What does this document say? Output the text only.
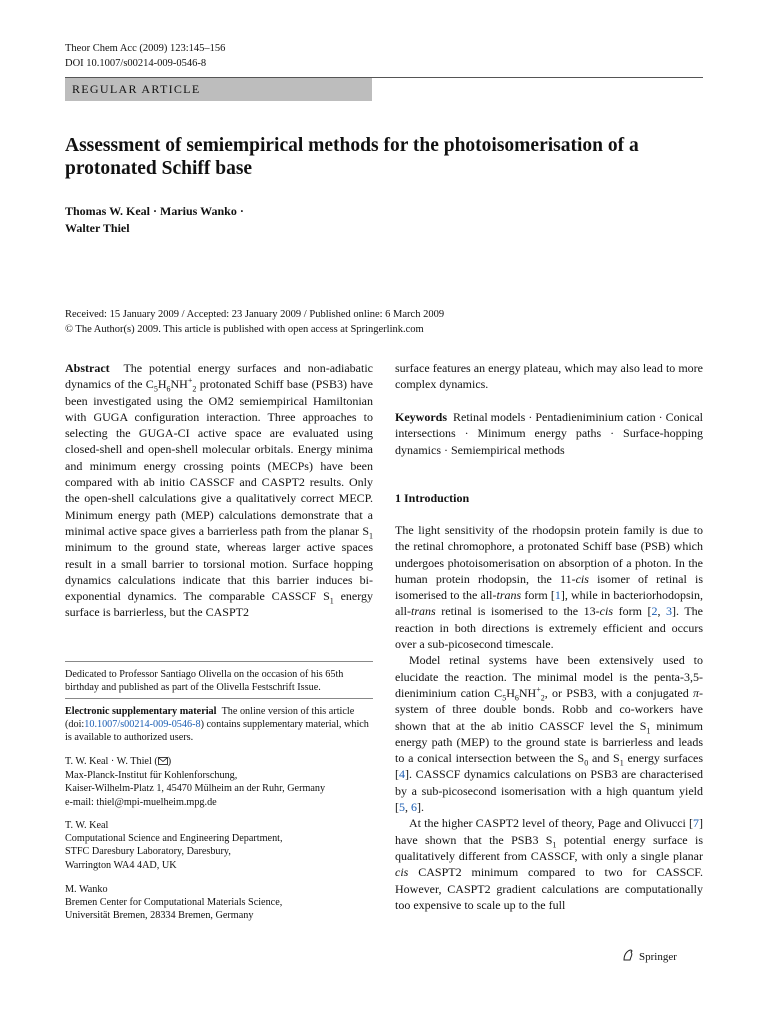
Theor Chem Acc (2009) 123:145–156
DOI 10.1007/s00214-009-0546-8
REGULAR ARTICLE
Assessment of semiempirical methods for the photoisomerisation of a protonated Schiff base
Thomas W. Keal · Marius Wanko ·
Walter Thiel
Received: 15 January 2009 / Accepted: 23 January 2009 / Published online: 6 March 2009
© The Author(s) 2009. This article is published with open access at Springerlink.com

Abstract The potential energy surfaces and non-adiabatic dynamics of the $C_5H_6NH^+_2$ protonated Schiff base (PSB3) have been investigated using the OM2 semiempirical Hamiltonian with GUGA configuration interaction. Three approaches to selecting the GUGA-CI active space are evaluated using closed-shell and open-shell molecular orbitals. Energy minima and minimum energy crossing points (MECPs) have been compared with ab initio CASSCF and CASPT2 results. Only the open-shell calculations give a qualitatively correct MECP. Minimum energy path (MEP) calculations demonstrate that a minimal active space gives a barrierless path from the planar $S_1$ minimum to the ground state, whereas larger active spaces result in a small barrier to torsional motion. Surface hopping dynamics calculations indicate that this barrier induces bi-exponential dynamics. The comparable CASSCF $S_1$ energy surface is barrierless, but the CASPT2

Dedicated to Professor Santiago Olivella on the occasion of his 65th birthday and published as part of the Olivella Festschrift Issue.
Electronic supplementary material The online version of this article (doi:10.1007/s00214-009-0546-8) contains supplementary material, which is available to authorized users.
T. W. Keal · W. Thiel ( )
Max-Planck-Institut für Kohlenforschung,
Kaiser-Wilhelm-Platz 1, 45470 Mülheim an der Ruhr, Germany
e-mail: thiel@mpi-muelheim.mpg.de
T. W. Keal
Computational Science and Engineering Department,
STFC Daresbury Laboratory, Daresbury,
Warrington WA4 4AD, UK
M. Wanko
Bremen Center for Computational Materials Science,
Universität Bremen, 28334 Bremen, Germany
surface features an energy plateau, which may also lead to more complex dynamics.
Keywords Retinal models · Pentadieniminium cation · Conical intersections · Minimum energy paths · Surface-hopping dynamics · Semiempirical methods
1 Introduction

The light sensitivity of the rhodopsin protein family is due to the retinal chromophore, a protonated Schiff base (PSB) which undergoes photoisomerisation on absorption of a photon. In the human protein rhodopsin, the 11-cis isomer of retinal is isomerised to the all-trans form [1], while in bacteriorhodopsin, all-trans retinal is isomerised to the 13-cis form [2, 3]. The reaction in both directions is extremely efficient and occurs over a sub-picosecond timescale.

Model retinal systems have been extensively used to elucidate the reaction. The minimal model is the penta-3,5-dieniminium cation $C_5H_6NH^+_2$, or PSB3, with a conjugated π-system of three double bonds. Robb and co-workers have shown that at the ab initio CASSCF level the $S_1$ minimum energy path (MEP) to the ground state is barrierless and leads to a conical intersection between the $S_0$ and $S_1$ energy surfaces [4]. CASSCF dynamics calculations on PSB3 are characterised by a sub-picosecond isomerisation with a high quantum yield [5, 6].

At the higher CASPT2 level of theory, Page and Olivucci [7] have shown that the PSB3 $S_1$ potential energy surface is qualitatively different from CASSCF, with only a single planar cis CASPT2 minimum compared to two for CASSCF. However, CASPT2 gradient calculations are computationally too expensive to scale up to the full

Springer
